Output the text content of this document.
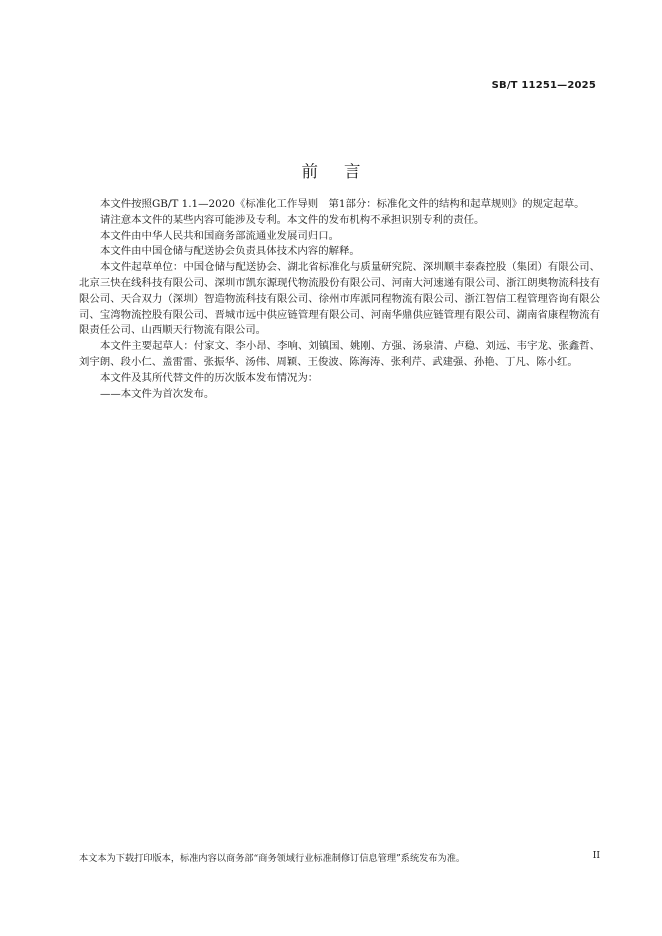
SB/T 11251—2025
前言

本文件按照GB/T 1.1—2020《标准化工作导则　第1部分：标准化文件的结构和起草规则》的规定起草。

请注意本文件的某些内容可能涉及专利。本文件的发布机构不承担识别专利的责任。

本文件由中华人民共和国商务部流通业发展司归口。

本文件由中国仓储与配送协会负责具体技术内容的解释。

本文件起草单位：中国仓储与配送协会、湖北省标准化与质量研究院、深圳顺丰泰森控股（集团）有限公司、北京三快在线科技有限公司、深圳市凯东源现代物流股份有限公司、河南大河速递有限公司、浙江朗奥物流科技有限公司、天合双力（深圳）智造物流科技有限公司、徐州市库派同程物流有限公司、浙江智信工程管理咨询有限公司、宝湾物流控股有限公司、晋城市远中供应链管理有限公司、河南华鼎供应链管理有限公司、湖南省康程物流有限责任公司、山西顺天行物流有限公司。

本文件主要起草人：付家文、李小昂、李响、刘镇国、姚刚、方强、汤泉清、卢稳、刘远、韦宇龙、张鑫哲、刘宇朗、段小仁、盖雷雷、张振华、汤伟、周颖、王俊波、陈海涛、张利芹、武建强、孙艳、丁凡、陈小红。

本文件及其所代替文件的历次版本发布情况为：

——本文件为首次发布。

本文本为下载打印版本，标准内容以商务部“商务领域行业标准制修订信息管理”系统发布为准。	II
